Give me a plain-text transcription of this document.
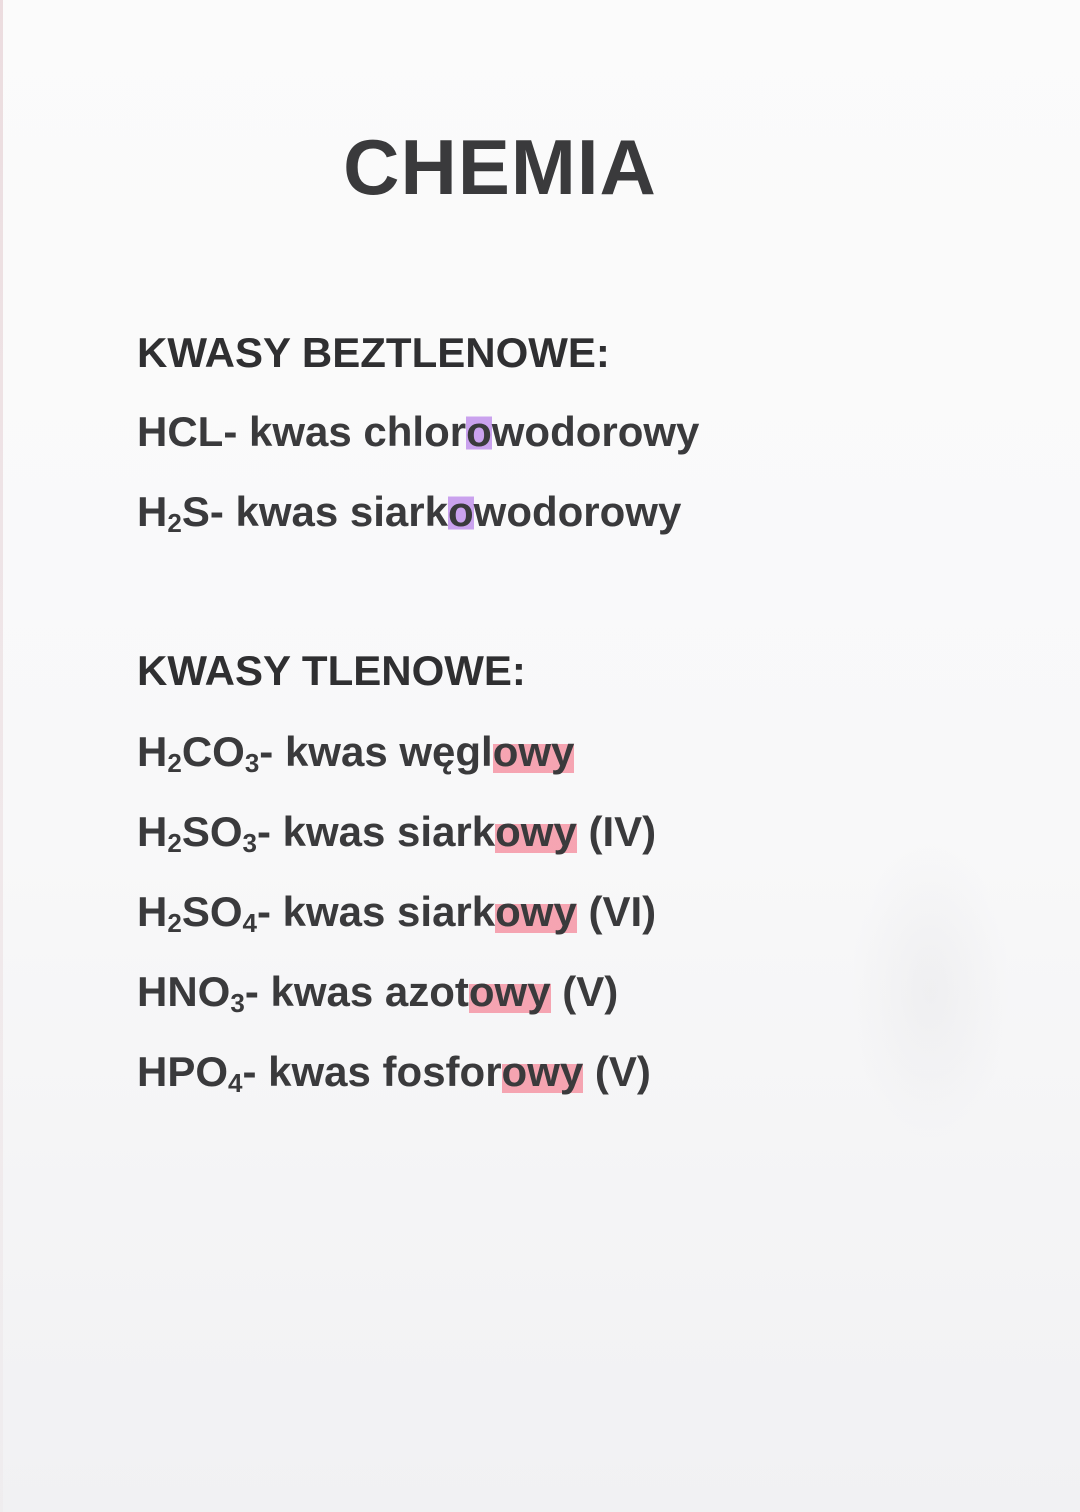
CHEMIA
KWASY BEZTLENOWE:
HCL- kwas chlorowodorowy
$H_2S-$ kwas siarkowodorowy
KWASY TLENOWE:
$H_2CO_3-$ kwas węglowy
$H_2SO_3-$ kwas siarkowy (IV)
$H_2SO_4-$ kwas siarkowy (VI)
$HNO_3-$ kwas azotowy (V)
$HPO_4-$ kwas fosforowy (V)
